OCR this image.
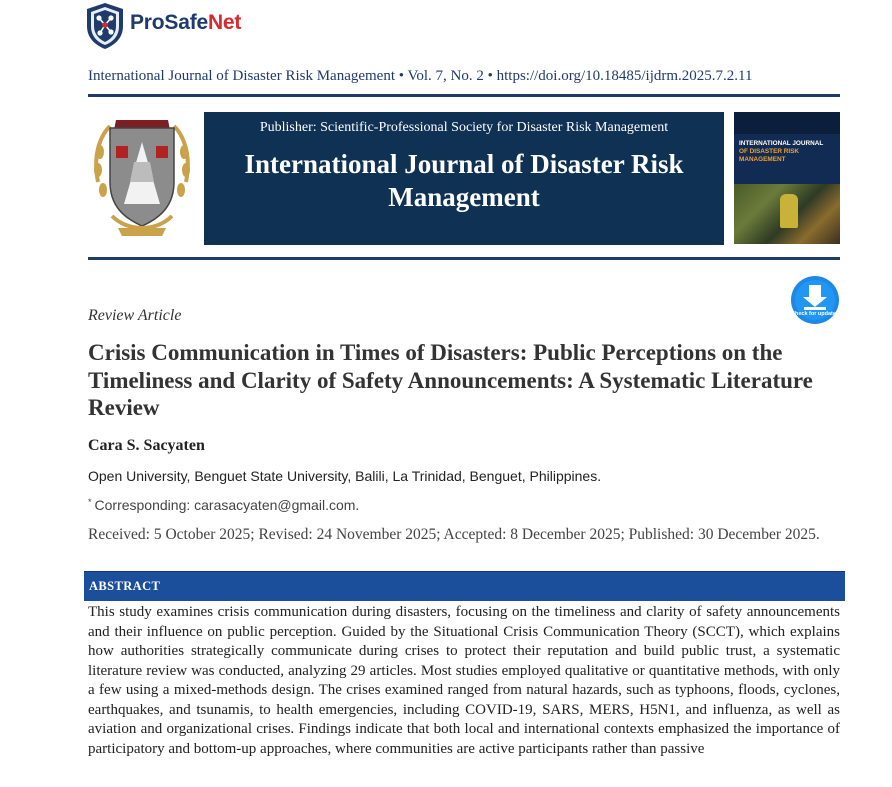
ProSafeNet
International Journal of Disaster Risk Management • Vol. 7, No. 2 • https://doi.org/10.18485/ijdrm.2025.7.2.11
SPS-DRM
Publisher: Scientific-Professional Society for Disaster Risk Management
International Journal of Disaster Risk Management
INTERNATIONAL JOURNAL
OF DISASTER RISK
MANAGEMENT
Check for updates
Review Article
Crisis Communication in Times of Disasters: Public Perceptions on the Timeliness and Clarity of Safety Announcements: A Systematic Literature Review
Cara S. Sacyaten
Open University, Benguet State University, Balili, La Trinidad, Benguet, Philippines.
* Corresponding: carasacyaten@gmail.com.
Received: 5 October 2025; Revised: 24 November 2025; Accepted: 8 December 2025; Published: 30 December 2025.
ABSTRACT
This study examines crisis communication during disasters, focusing on the timeliness and clarity of safety announcements and their influence on public perception. Guided by the Situational Crisis Communication Theory (SCCT), which explains how authorities strategically communicate during crises to protect their reputation and build public trust, a systematic literature review was conducted, analyzing 29 articles. Most studies employed qualitative or quantitative methods, with only a few using a mixed-methods design. The crises examined ranged from natural hazards, such as typhoons, floods, cyclones, earthquakes, and tsunamis, to health emergencies, including COVID-19, SARS, MERS, H5N1, and influenza, as well as aviation and organizational crises. Findings indicate that both local and international contexts emphasized the importance of participatory and bottom-up approaches, where communities are active participants rather than passive
